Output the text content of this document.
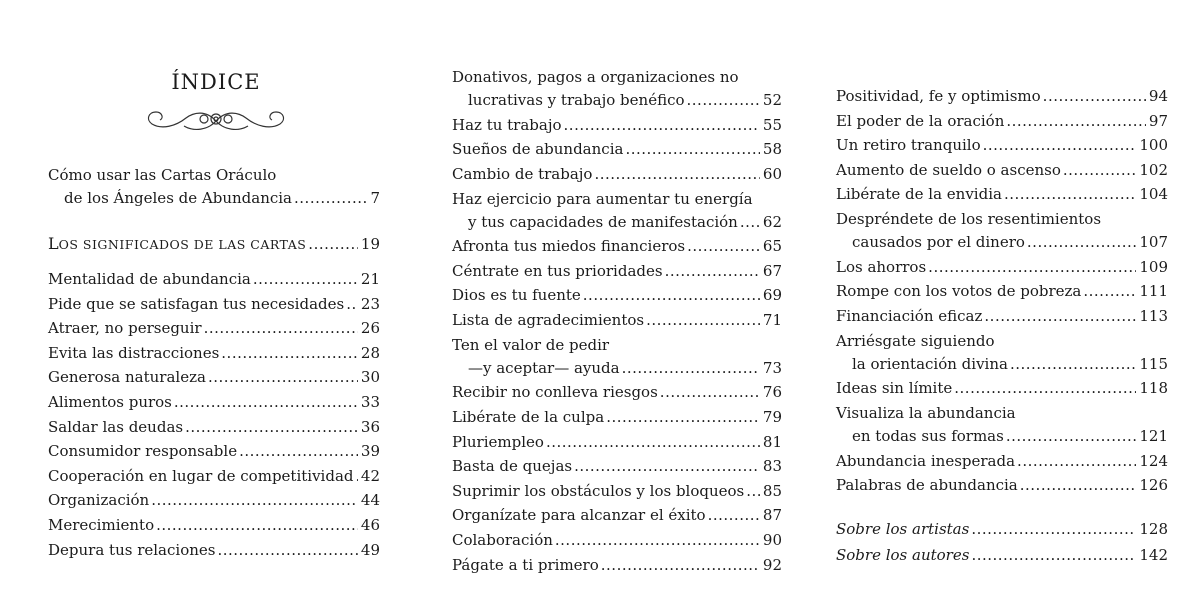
ÍNDICE
Cómo usar las Cartas Oráculo
de los Ángeles de Abundancia .....	7
LOS SIGNIFICADOS DE LAS CARTAS .....	19
Mentalidad de abundancia .....	21
Pide que se satisfagan tus necesidades ..... 23
Atraer, no perseguir .....	26
Evita las distracciones .....	28
Generosa naturaleza .....	30
Alimentos puros .....	33
Saldar las deudas .....	36
Consumidor responsable .....	39
Cooperación en lugar de competitividad ..... 42
Organización .....	44
Merecimiento .....	46
Depura tus relaciones .....	49
Donativos, pagos a organizaciones no
lucrativas y trabajo benéfico .....	52
Haz tu trabajo .....	55
Sueños de abundancia .....	58
Cambio de trabajo .....	60
Haz ejercicio para aumentar tu energía
y tus capacidades de manifestación ..... 62
Afronta tus miedos financieros .....	65
Céntrate en tus prioridades .....	67
Dios es tu fuente .....	69
Lista de agradecimientos .....	71
Ten el valor de pedir
—y aceptar— ayuda .....	73
Recibir no conlleva riesgos .....	76
Libérate de la culpa .....	79
Pluriempleo .....	81
Basta de quejas .....	83
Suprimir los obstáculos y los bloqueos ..... 85
Organízate para alcanzar el éxito .....	87
Colaboración .....	90
Págate a ti primero .....	92
Positividad, fe y optimismo .....	94
El poder de la oración .....	97
Un retiro tranquilo .....	100
Aumento de sueldo o ascenso .....	102
Libérate de la envidia .....	104
Despréndete de los resentimientos
causados por el dinero .....	107
Los ahorros .....	109
Rompe con los votos de pobreza .....	111
Financiación eficaz .....	113
Arriésgate siguiendo
la orientación divina .....	115
Ideas sin límite .....	118
Visualiza la abundancia
en todas sus formas .....	121
Abundancia inesperada .....	124
Palabras de abundancia .....	126
Sobre los artistas .....	128
Sobre los autores .....	142
